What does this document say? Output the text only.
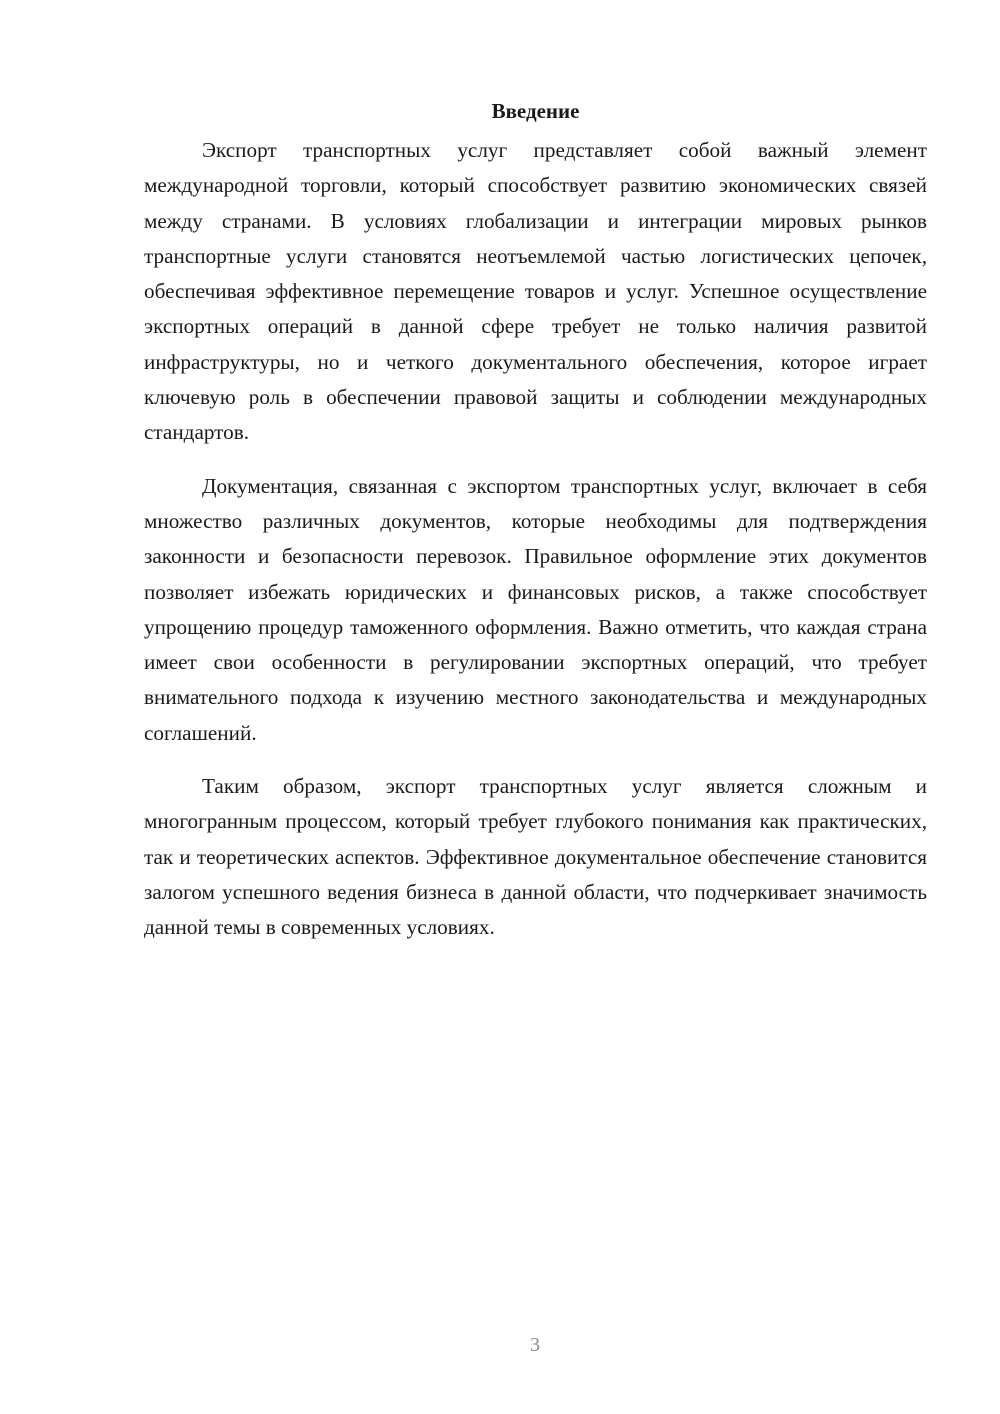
Введение

Экспорт транспортных услуг представляет собой важный элемент международной торговли, который способствует развитию экономических связей между странами. В условиях глобализации и интеграции мировых рынков транспортные услуги становятся неотъемлемой частью логистических цепочек, обеспечивая эффективное перемещение товаров и услуг. Успешное осуществление экспортных операций в данной сфере требует не только наличия развитой инфраструктуры, но и четкого документального обеспечения, которое играет ключевую роль в обеспечении правовой защиты и соблюдении международных стандартов.

Документация, связанная с экспортом транспортных услуг, включает в себя множество различных документов, которые необходимы для подтверждения законности и безопасности перевозок. Правильное оформление этих документов позволяет избежать юридических и финансовых рисков, а также способствует упрощению процедур таможенного оформления. Важно отметить, что каждая страна имеет свои особенности в регулировании экспортных операций, что требует внимательного подхода к изучению местного законодательства и международных соглашений.

Таким образом, экспорт транспортных услуг является сложным и многогранным процессом, который требует глубокого понимания как практических, так и теоретических аспектов. Эффективное документальное обеспечение становится залогом успешного ведения бизнеса в данной области, что подчеркивает значимость данной темы в современных условиях.

3
